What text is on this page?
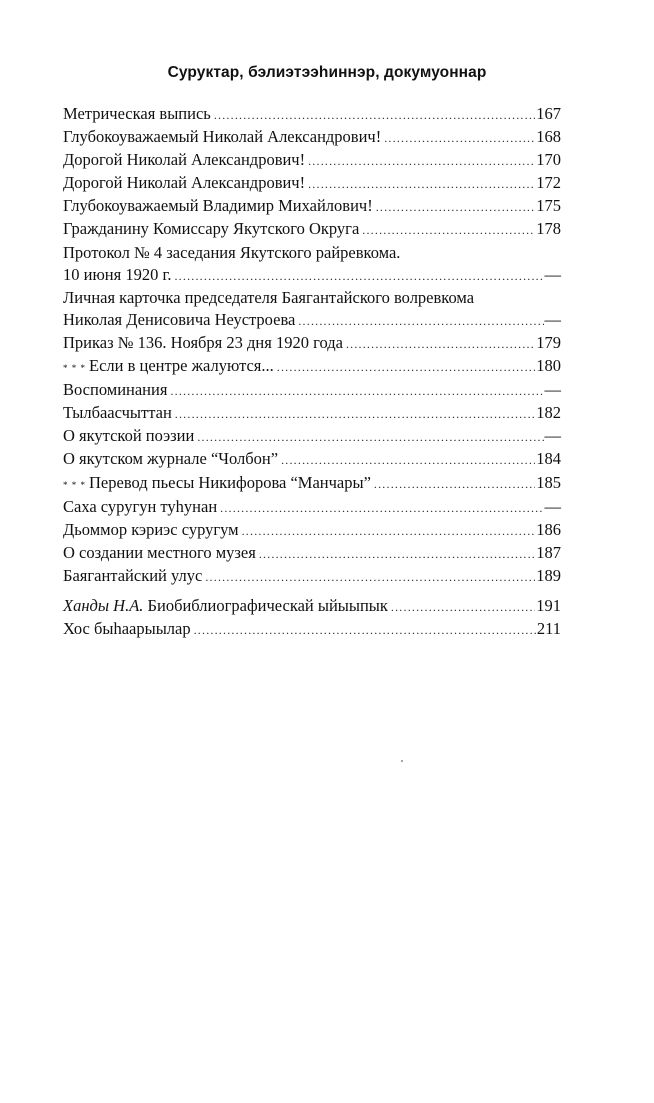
Суруктар, бэлиэтээhиннэр, докумуоннар
Метрическая выпись .....	167
Глубокоуважаемый Николай Александрович! .....	168
Дорогой Николай Александрович! .....	170
Дорогой Николай Александрович! .....	172
Глубокоуважаемый Владимир Михайлович! .....	175
Гражданину Комиссару Якутского Округа .....	178
Протокол № 4 заседания Якутского райревкома.
10 июня 1920 г. .....	—
Личная карточка председателя Баягантайского волревкома
Николая Денисовича Неустроева .....	—
Приказ № 136. Ноября 23 дня 1920 года .....	179
* * * Если в центре жалуются... .....	180
Воспоминания .....	—
Тылбаасчыттан .....	182
О якутской поэзии .....	—
О якутском журнале “Чолбон” .....	184
* * * Перевод пьесы Никифорова “Манчары” .....	185
Саха суругун туhунан .....	—
Дьоммор кэриэс суругум .....	186
О создании местного музея .....	187
Баягантайский улус .....	189
Ханды Н.А. Биобиблиографическай ыйыыпык .....	191
Хос быhаарыылар .....	211
